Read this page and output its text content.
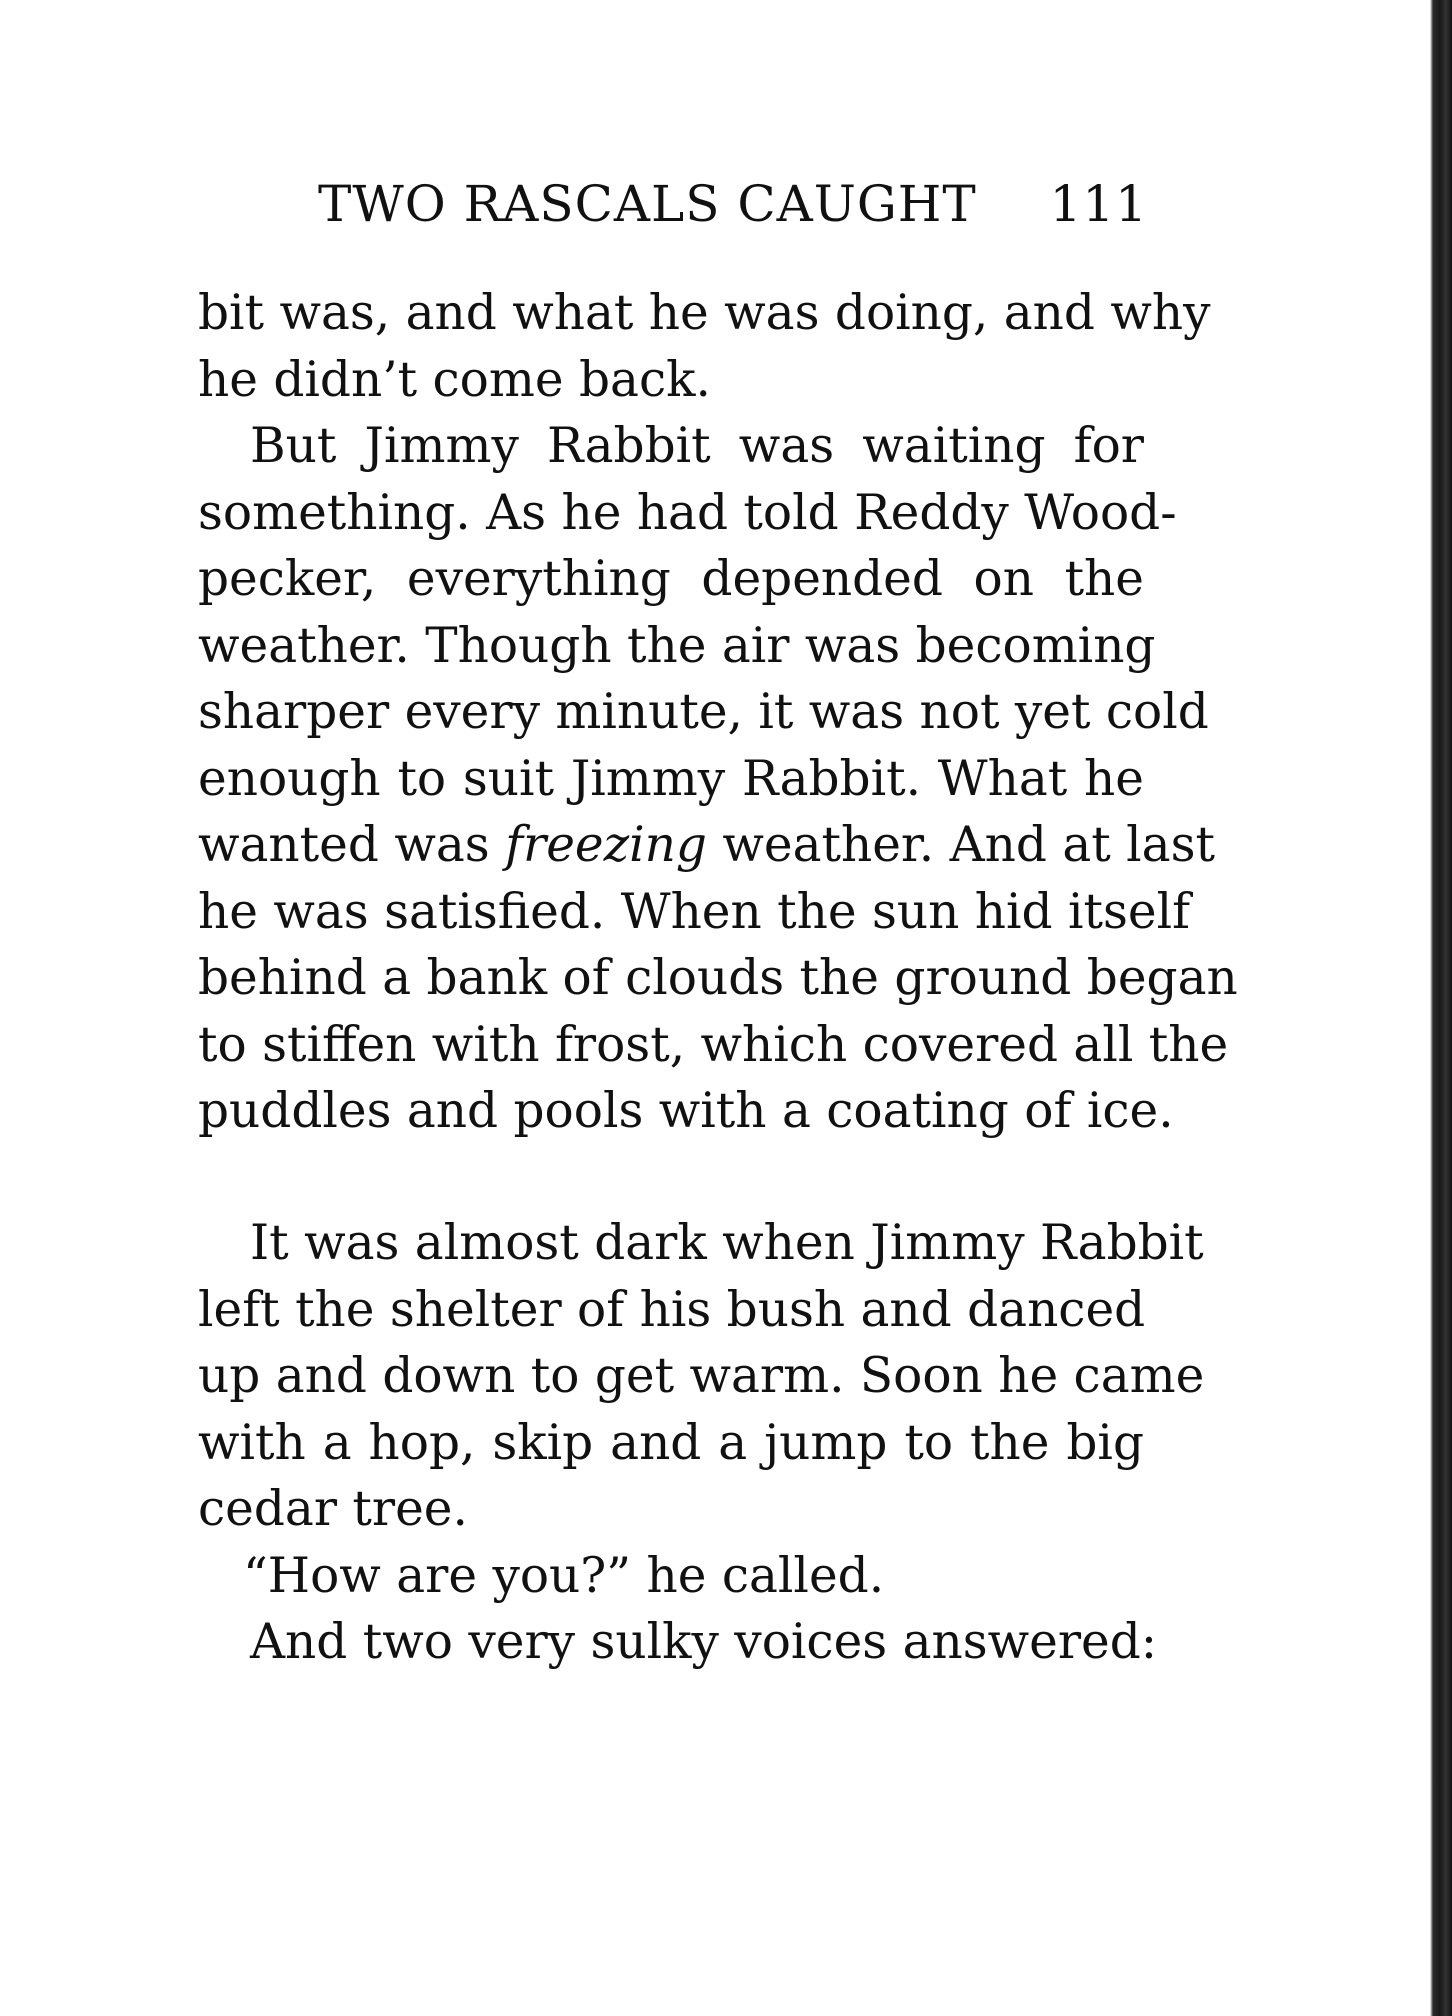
TWO RASCALS CAUGHT 111
bit was, and what he was doing, and why
he didn’t come back.
But Jimmy Rabbit was waiting for
something. As he had told Reddy Wood-
pecker, everything depended on the
weather. Though the air was becoming
sharper every minute, it was not yet cold
enough to suit Jimmy Rabbit. What he
wanted was freezing weather. And at last
he was satisfied. When the sun hid itself
behind a bank of clouds the ground began
to stiffen with frost, which covered all the
puddles and pools with a coating of ice.
It was almost dark when Jimmy Rabbit
left the shelter of his bush and danced
up and down to get warm. Soon he came
with a hop, skip and a jump to the big
cedar tree.
“How are you?” he called.
And two very sulky voices answered:
